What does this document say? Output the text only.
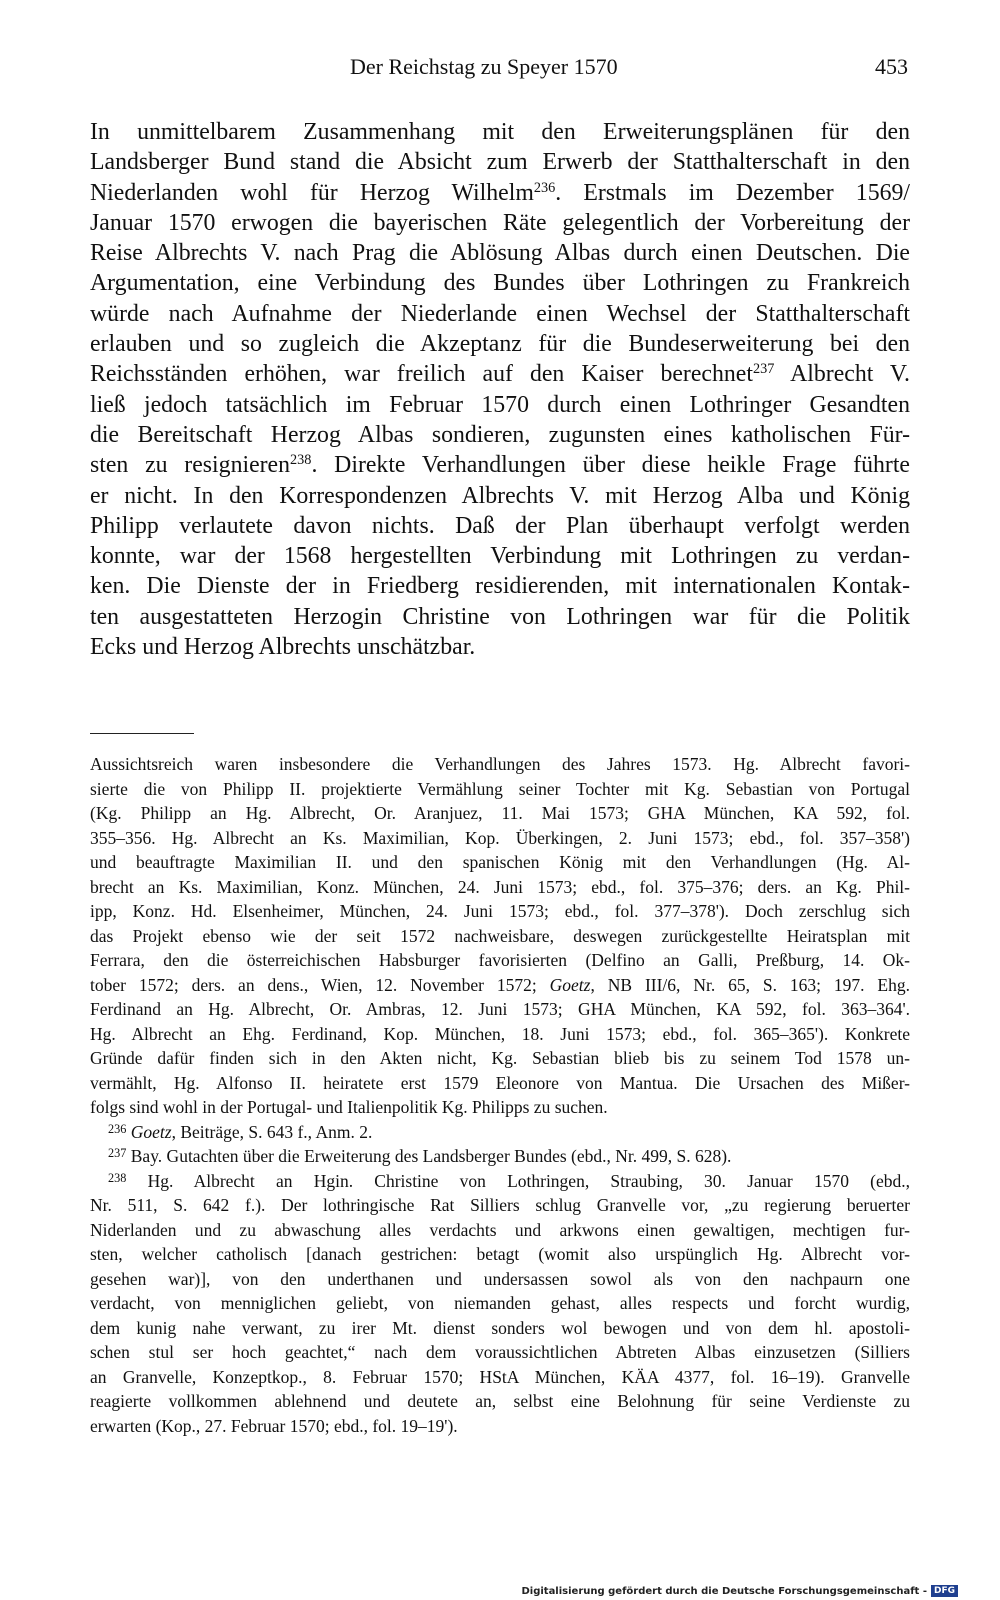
Der Reichstag zu Speyer 1570	453
In unmittelbarem Zusammenhang mit den Erweiterungsplänen für den
Landsberger Bund stand die Absicht zum Erwerb der Statthalterschaft in den
Niederlanden wohl für Herzog Wilhelm$^{236}$. Erstmals im Dezember 1569/
Januar 1570 erwogen die bayerischen Räte gelegentlich der Vorbereitung der
Reise Albrechts V. nach Prag die Ablösung Albas durch einen Deutschen. Die
Argumentation, eine Verbindung des Bundes über Lothringen zu Frankreich
würde nach Aufnahme der Niederlande einen Wechsel der Statthalterschaft
erlauben und so zugleich die Akzeptanz für die Bundeserweiterung bei den
Reichsständen erhöhen, war freilich auf den Kaiser berechnet$^{237}$ Albrecht V.
ließ jedoch tatsächlich im Februar 1570 durch einen Lothringer Gesandten
die Bereitschaft Herzog Albas sondieren, zugunsten eines katholischen Für-
sten zu resignieren$^{238}$. Direkte Verhandlungen über diese heikle Frage führte
er nicht. In den Korrespondenzen Albrechts V. mit Herzog Alba und König
Philipp verlautete davon nichts. Daß der Plan überhaupt verfolgt werden
konnte, war der 1568 hergestellten Verbindung mit Lothringen zu verdan-
ken. Die Dienste der in Friedberg residierenden, mit internationalen Kontak-
ten ausgestatteten Herzogin Christine von Lothringen war für die Politik
Ecks und Herzog Albrechts unschätzbar.
Aussichtsreich waren insbesondere die Verhandlungen des Jahres 1573. Hg. Albrecht favori-
sierte die von Philipp II. projektierte Vermählung seiner Tochter mit Kg. Sebastian von Portugal
(Kg. Philipp an Hg. Albrecht, Or. Aranjuez, 11. Mai 1573; GHA München, KA 592, fol.
355–356. Hg. Albrecht an Ks. Maximilian, Kop. Überkingen, 2. Juni 1573; ebd., fol. 357–358')
und beauftragte Maximilian II. und den spanischen König mit den Verhandlungen (Hg. Al-
brecht an Ks. Maximilian, Konz. München, 24. Juni 1573; ebd., fol. 375–376; ders. an Kg. Phil-
ipp, Konz. Hd. Elsenheimer, München, 24. Juni 1573; ebd., fol. 377–378'). Doch zerschlug sich
das Projekt ebenso wie der seit 1572 nachweisbare, deswegen zurückgestellte Heiratsplan mit
Ferrara, den die österreichischen Habsburger favorisierten (Delfino an Galli, Preßburg, 14. Ok-
tober 1572; ders. an dens., Wien, 12. November 1572; Goetz, NB III/6, Nr. 65, S. 163; 197. Ehg.
Ferdinand an Hg. Albrecht, Or. Ambras, 12. Juni 1573; GHA München, KA 592, fol. 363–364'.
Hg. Albrecht an Ehg. Ferdinand, Kop. München, 18. Juni 1573; ebd., fol. 365–365'). Konkrete
Gründe dafür finden sich in den Akten nicht, Kg. Sebastian blieb bis zu seinem Tod 1578 un-
vermählt, Hg. Alfonso II. heiratete erst 1579 Eleonore von Mantua. Die Ursachen des Mißer-
folgs sind wohl in der Portugal- und Italienpolitik Kg. Philipps zu suchen.
$^{236}$ Goetz, Beiträge, S. 643 f., Anm. 2.
$^{237}$ Bay. Gutachten über die Erweiterung des Landsberger Bundes (ebd., Nr. 499, S. 628).
$^{238}$ Hg. Albrecht an Hgin. Christine von Lothringen, Straubing, 30. Januar 1570 (ebd.,
Nr. 511, S. 642 f.). Der lothringische Rat Silliers schlug Granvelle vor, „zu regierung beruerter
Niderlanden und zu abwaschung alles verdachts und arkwons einen gewaltigen, mechtigen fur-
sten, welcher catholisch [danach gestrichen: betagt (womit also urspünglich Hg. Albrecht vor-
gesehen war)], von den underthanen und undersassen sowol als von den nachpaurn one
verdacht, von menniglichen geliebt, von niemanden gehast, alles respects und forcht wurdig,
dem kunig nahe verwant, zu irer Mt. dienst sonders wol bewogen und von dem hl. apostoli-
schen stul ser hoch geachtet,“ nach dem voraussichtlichen Abtreten Albas einzusetzen (Silliers
an Granvelle, Konzeptkop., 8. Februar 1570; HStA München, KÄA 4377, fol. 16–19). Granvelle
reagierte vollkommen ablehnend und deutete an, selbst eine Belohnung für seine Verdienste zu
erwarten (Kop., 27. Februar 1570; ebd., fol. 19–19').
Digitalisierung gefördert durch die Deutsche Forschungsgemeinschaft - DFG
